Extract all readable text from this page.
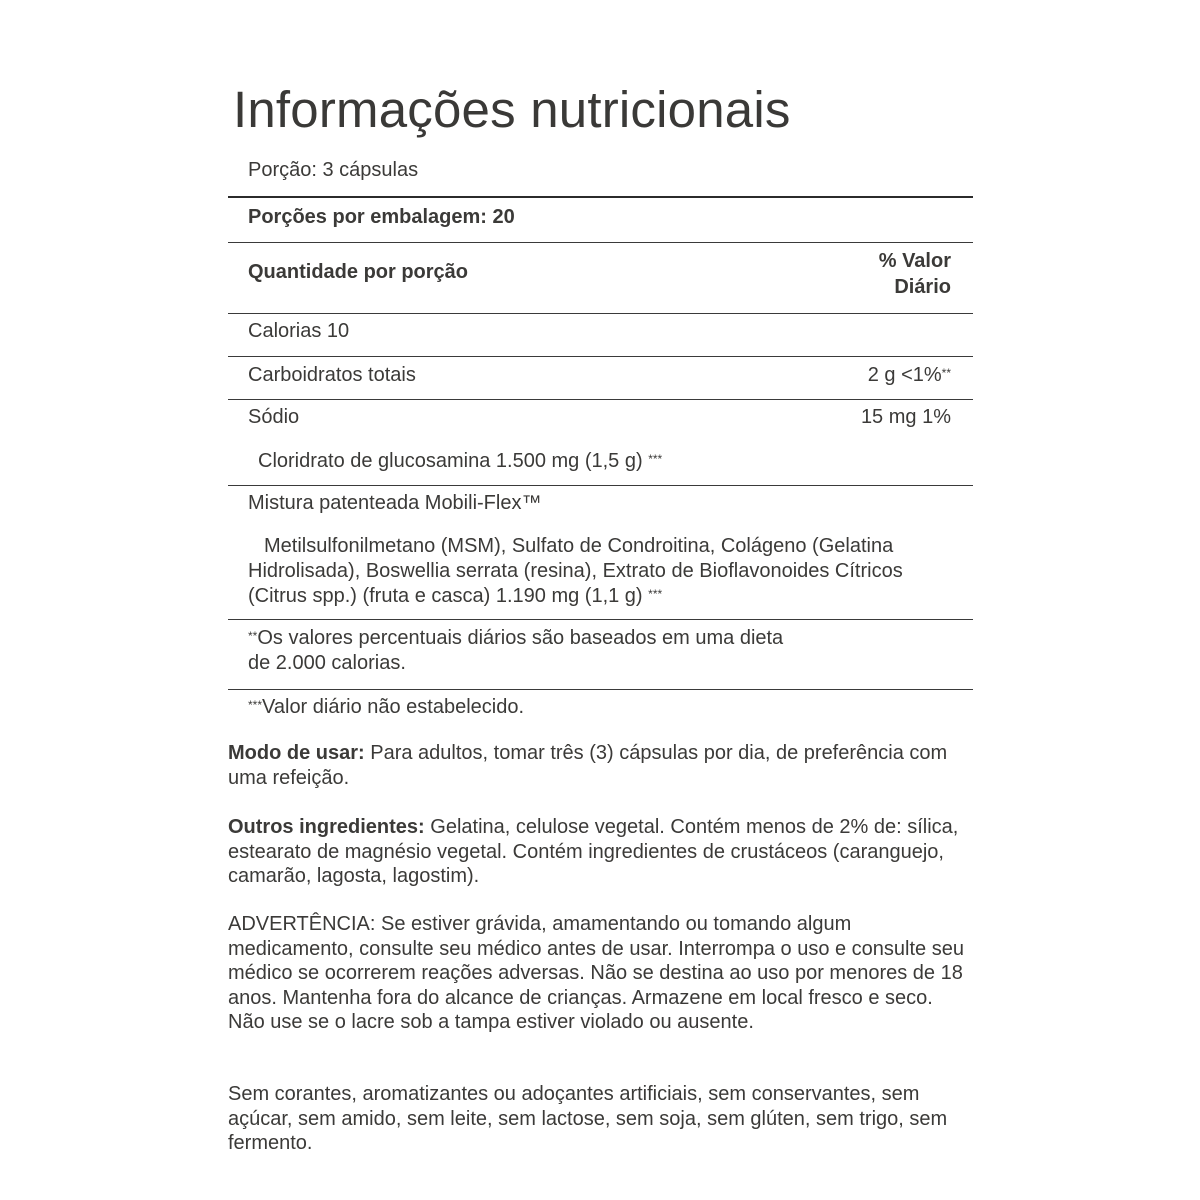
Informações nutricionais
Porção: 3 cápsulas
Porções por embalagem: 20
Quantidade por porção	% Valor
Diário
Calorias 10
Carboidratos totais	2 g <1%**
Sódio	15 mg 1%
Cloridrato de glucosamina 1.500 mg (1,5 g) ***
Mistura patenteada Mobili-Flex™
Metilsulfonilmetano (MSM), Sulfato de Condroitina, Colágeno (Gelatina Hidrolisada), Boswellia serrata (resina), Extrato de Bioflavonoides Cítricos (Citrus spp.) (fruta e casca) 1.190 mg (1,1 g) ***
**Os valores percentuais diários são baseados em uma dieta de 2.000 calorias.
***Valor diário não estabelecido.

Modo de usar: Para adultos, tomar três (3) cápsulas por dia, de preferência com uma refeição.

Outros ingredientes: Gelatina, celulose vegetal. Contém menos de 2% de: sílica, estearato de magnésio vegetal. Contém ingredientes de crustáceos (caranguejo, camarão, lagosta, lagostim).

ADVERTÊNCIA: Se estiver grávida, amamentando ou tomando algum medicamento, consulte seu médico antes de usar. Interrompa o uso e consulte seu médico se ocorrerem reações adversas. Não se destina ao uso por menores de 18 anos. Mantenha fora do alcance de crianças. Armazene em local fresco e seco. Não use se o lacre sob a tampa estiver violado ou ausente.

Sem corantes, aromatizantes ou adoçantes artificiais, sem conservantes, sem açúcar, sem amido, sem leite, sem lactose, sem soja, sem glúten, sem trigo, sem fermento.
